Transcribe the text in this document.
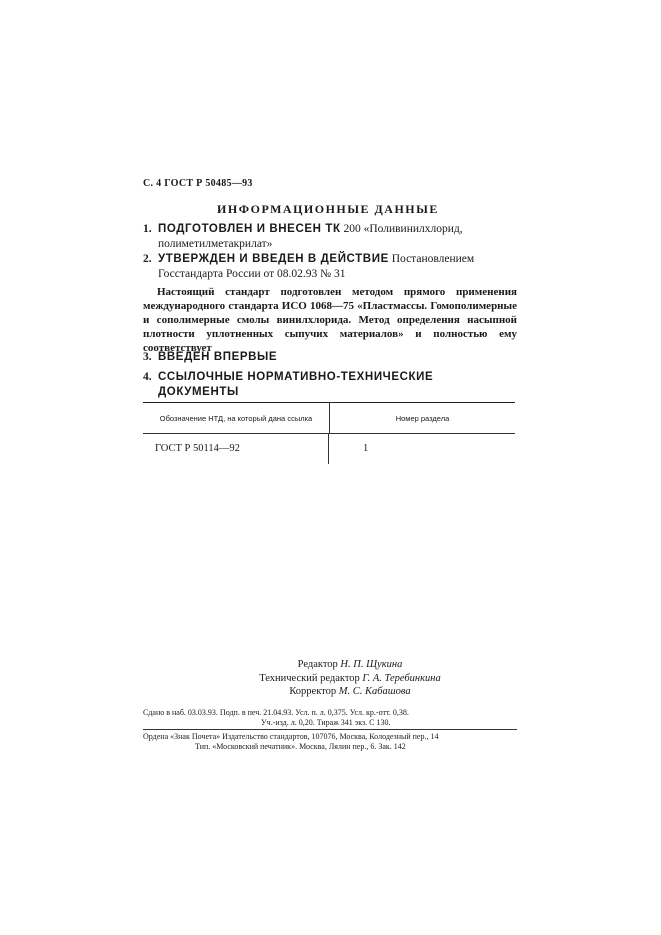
С. 4 ГОСТ Р 50485—93
ИНФОРМАЦИОННЫЕ ДАННЫЕ
1. ПОДГОТОВЛЕН И ВНЕСЕН ТК 200 «Поливинилхлорид, полиметилметакрилат»
2. УТВЕРЖДЕН И ВВЕДЕН В ДЕЙСТВИЕ Постановлением Госстандарта России от 08.02.93 № 31
Настоящий стандарт подготовлен методом прямого применения международного стандарта ИСО 1068—75 «Пластмассы. Гомополимерные и сополимерные смолы винилхлорида. Метод определения насыпной плотности уплотненных сыпучих материалов» и полностью ему соответствует
3. ВВЕДЕН ВПЕРВЫЕ
4. ССЫЛОЧНЫЕ НОРМАТИВНО-ТЕХНИЧЕСКИЕ ДОКУМЕНТЫ
Обозначение НТД, на который дана ссылка	Номер раздела
ГОСТ Р 50114—92	1
Редактор Н. П. Щукина
Технический редактор Г. А. Теребинкина
Корректор М. С. Кабашова
Сдано в наб. 03.03.93. Подп. в печ. 21.04.93. Усл. п. л. 0,375. Усл. кр.-отт. 0,38.
Уч.-изд. л. 0,20. Тираж 341 экз. С 130.
Ордена «Знак Почета» Издательство стандартов, 107076, Москва, Колодезный пер., 14
Тип. «Московский печатник». Москва, Лялин пер., 6. Зак. 142
